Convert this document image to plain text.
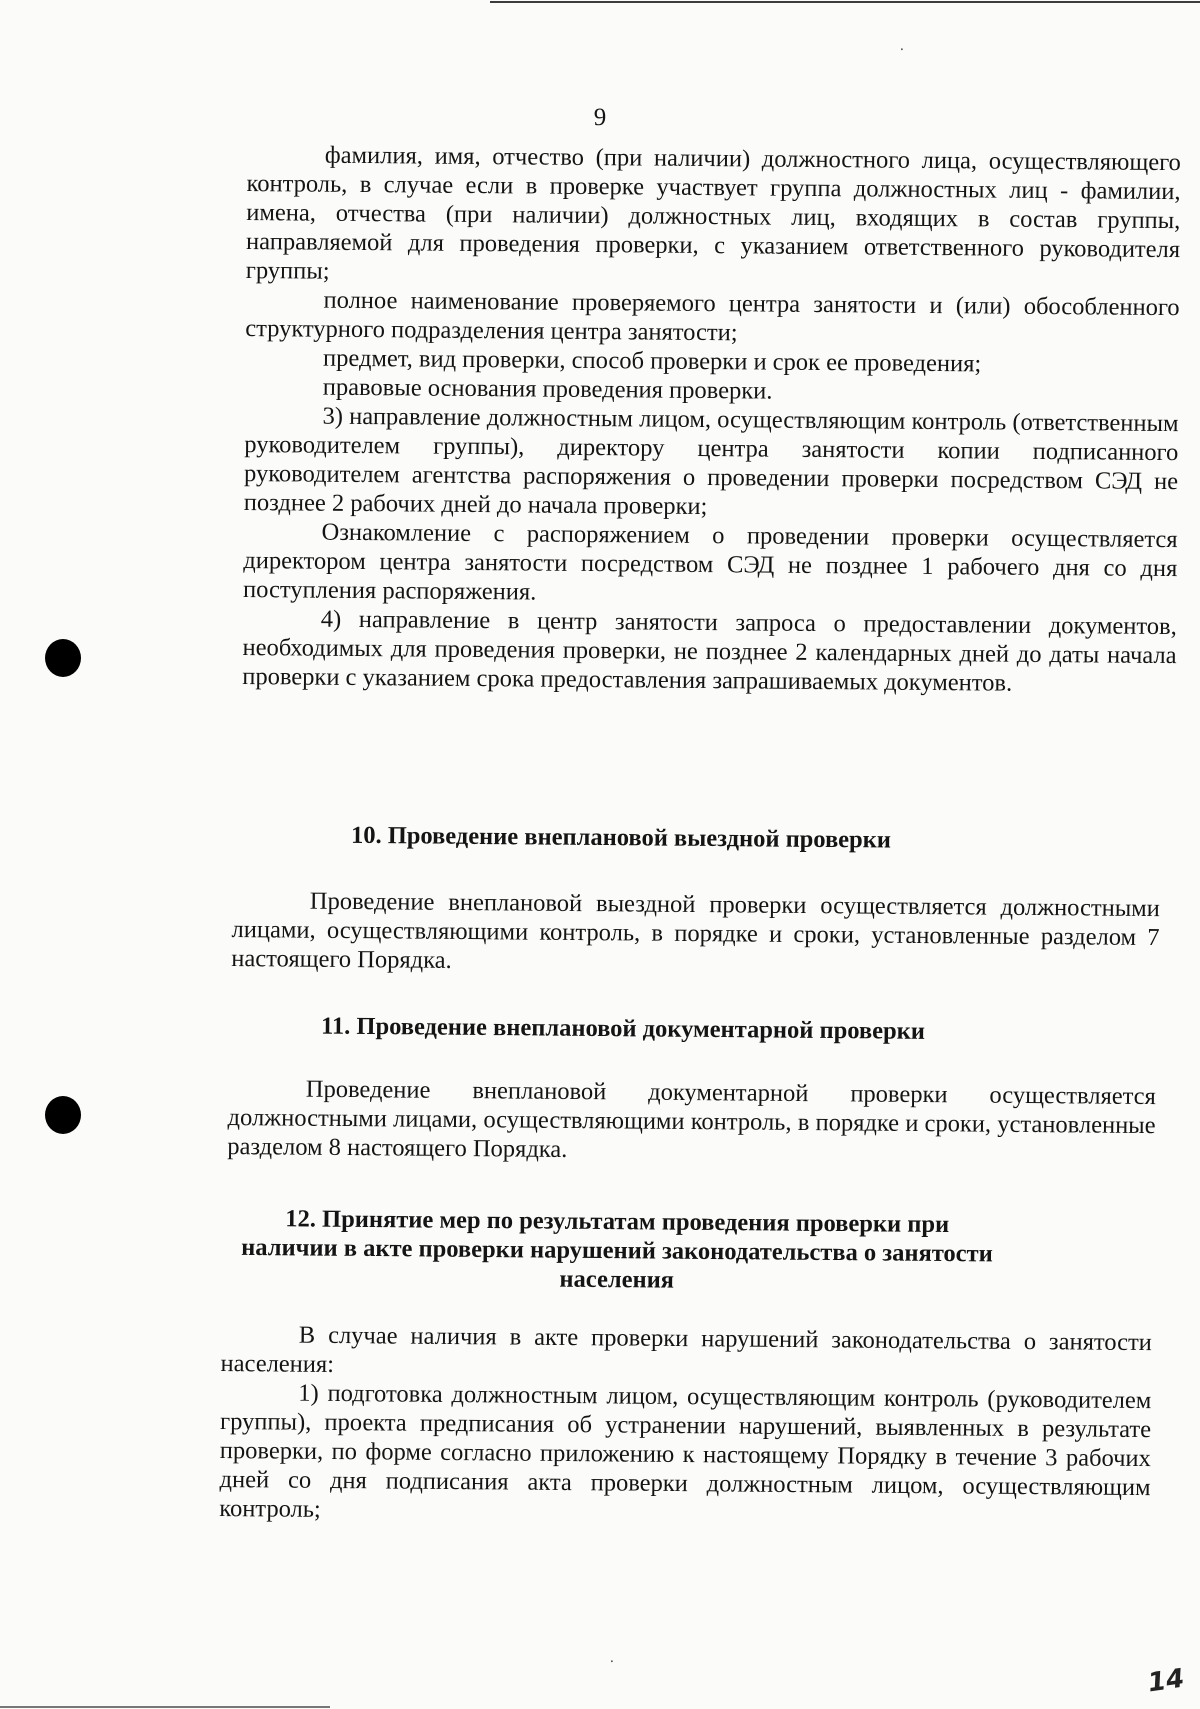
9

фамилия, имя, отчество (при наличии) должностного лица, осуществляющего контроль, в случае если в проверке участвует группа должностных лиц - фамилии, имена, отчества (при наличии) должностных лиц, входящих в состав группы, направляемой для проведения проверки, с указанием ответственного руководителя группы;

полное наименование проверяемого центра занятости и (или) обособленного структурного подразделения центра занятости;

предмет, вид проверки, способ проверки и срок ее проведения;

правовые основания проведения проверки.

3) направление должностным лицом, осуществляющим контроль (ответственным руководителем группы), директору центра занятости копии подписанного руководителем агентства распоряжения о проведении проверки посредством СЭД не позднее 2 рабочих дней до начала проверки;

Ознакомление с распоряжением о проведении проверки осуществляется директором центра занятости посредством СЭД не позднее 1 рабочего дня со дня поступления распоряжения.

4) направление в центр занятости запроса о предоставлении документов, необходимых для проведения проверки, не позднее 2 календарных дней до даты начала проверки с указанием срока предоставления запрашиваемых документов.

10. Проведение внеплановой выездной проверки

Проведение внеплановой выездной проверки осуществляется должностными лицами, осуществляющими контроль, в порядке и сроки, установленные разделом 7 настоящего Порядка.

11. Проведение внеплановой документарной проверки

Проведение внеплановой документарной проверки осуществляется должностными лицами, осуществляющими контроль, в порядке и сроки, установленные разделом 8 настоящего Порядка.

12. Принятие мер по результатам проведения проверки при
наличии в акте проверки нарушений законодательства о занятости
населения

В случае наличия в акте проверки нарушений законодательства о занятости населения:

1) подготовка должностным лицом, осуществляющим контроль (руководителем группы), проекта предписания об устранении нарушений, выявленных в результате проверки, по форме согласно приложению к настоящему Порядку в течение 3 рабочих дней со дня подписания акта проверки должностным лицом, осуществляющим контроль;

⸱
⸱
14
